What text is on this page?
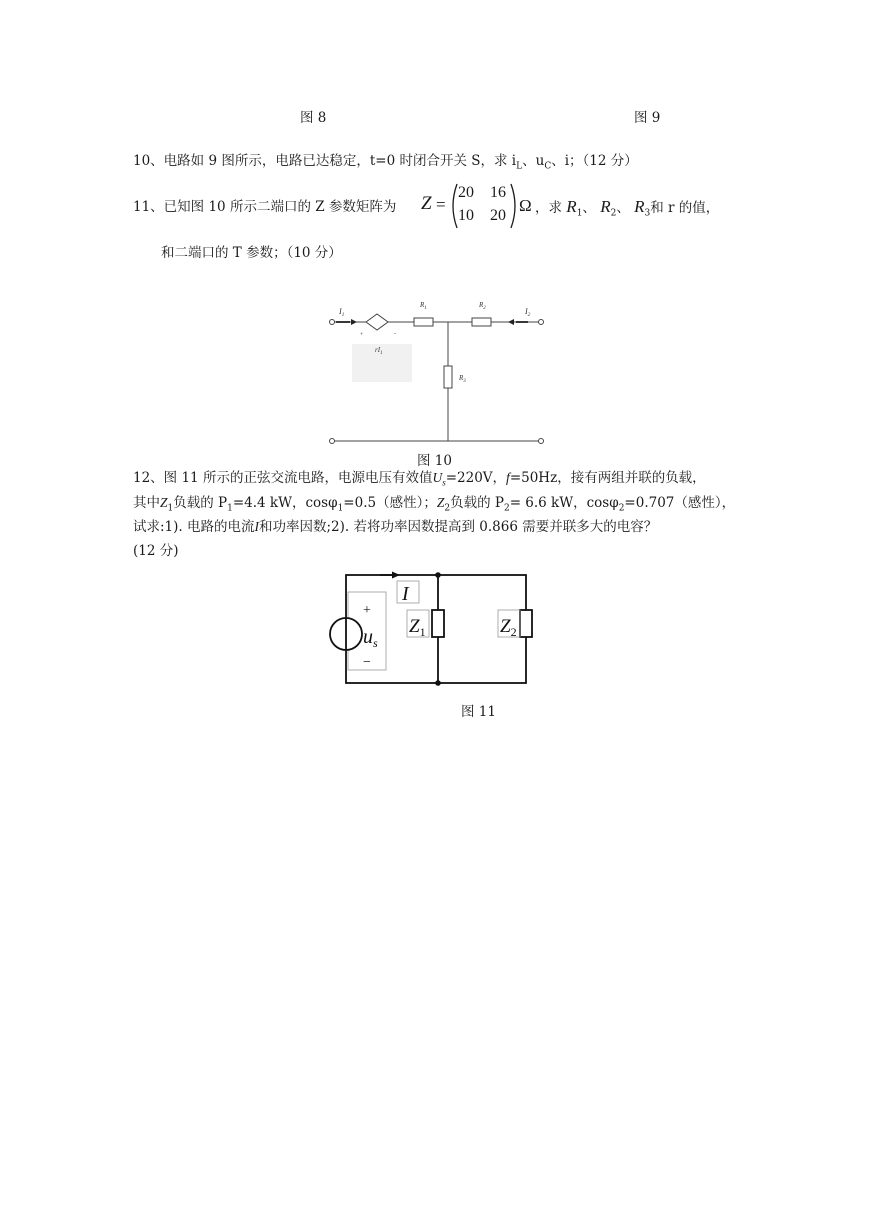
图 8	图 9
10、电路如 9 图所示，电路已达稳定，t=0 时闭合开关 S，求 $i_L$、$u_C$、i；（12 分）
11、已知图 10 所示二端口的 Z 参数矩阵为 Z =
20 16
10 20
Ω ，求 $R_1$、 $R_2$、 $R_3$和 r 的值，
和二端口的 T 参数；（10 分）
$I_1$	$I_2$
$R_1$	$R_2$
$R_3$
$rI_1$
+	-
图 10
12、图 11 所示的正弦交流电路，电源电压有效值$U_s=220V$，f=50Hz，接有两组并联的负载，
其中$Z_1$负载的 $P_1=4.4$ kW，cosφ$_1$=0.5（感性）；$Z_2$负载的 $P_2= 6.6$ kW，cosφ$_2$=0.707（感性），
试求:1). 电路的电流I和功率因数;2). 若将功率因数提高到 0.866 需要并联多大的电容？
(12 分)
I
$Z_1$	$Z_2$
+
−
$u_s$
图 11
